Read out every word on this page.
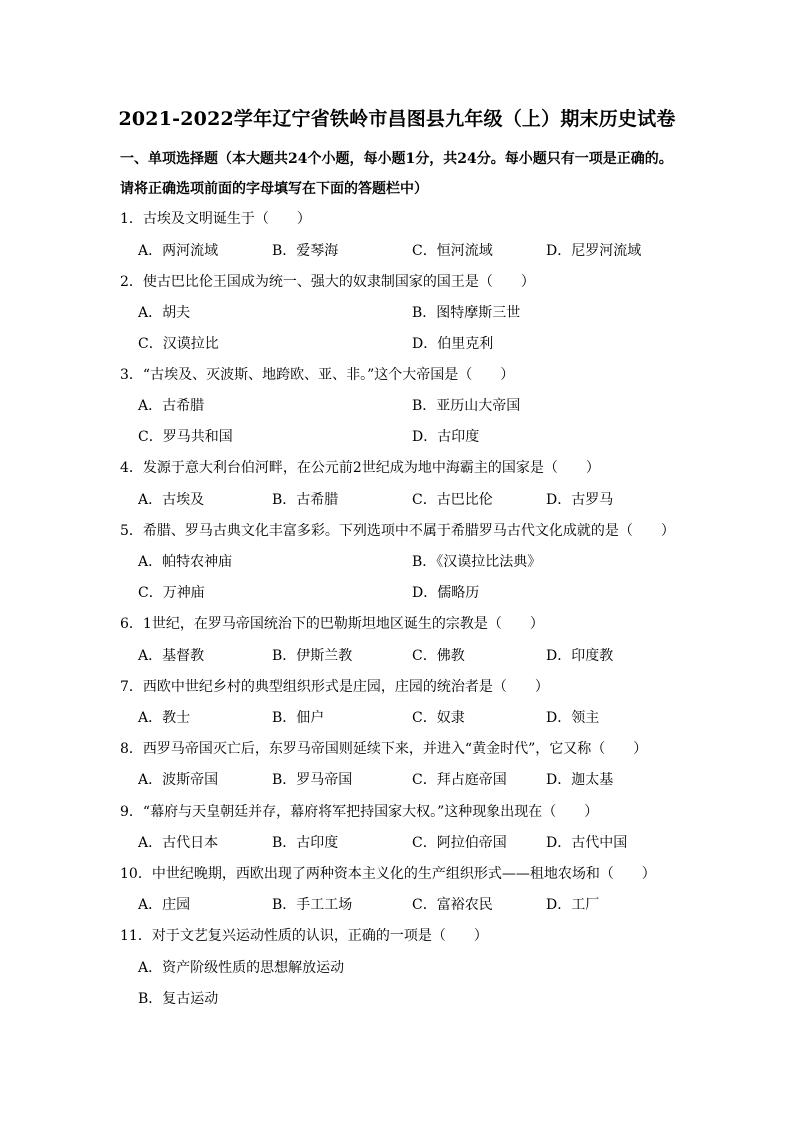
2021-2022学年辽宁省铁岭市昌图县九年级（上）期末历史试卷
一、单项选择题（本大题共24个小题，每小题1分，共24分。每小题只有一项是正确的。
请将正确选项前面的字母填写在下面的答题栏中）
1．古埃及文明诞生于（　　）
A．两河流域	B．爱琴海	C．恒河流域	D．尼罗河流域
2．使古巴比伦王国成为统一、强大的奴隶制国家的国王是（　　）
A．胡夫	B．图特摩斯三世
C．汉谟拉比	D．伯里克利
3．“古埃及、灭波斯、地跨欧、亚、非。”这个大帝国是（　　）
A．古希腊	B．亚历山大帝国
C．罗马共和国	D．古印度
4．发源于意大利台伯河畔，在公元前2世纪成为地中海霸主的国家是（　　）
A．古埃及	B．古希腊	C．古巴比伦	D．古罗马
5．希腊、罗马古典文化丰富多彩。下列选项中不属于希腊罗马古代文化成就的是（　　）
A．帕特农神庙	B．《汉谟拉比法典》
C．万神庙	D．儒略历
6．1世纪，在罗马帝国统治下的巴勒斯坦地区诞生的宗教是（　　）
A．基督教	B．伊斯兰教	C．佛教	D．印度教
7．西欧中世纪乡村的典型组织形式是庄园，庄园的统治者是（　　）
A．教士	B．佃户	C．奴隶	D．领主
8．西罗马帝国灭亡后，东罗马帝国则延续下来，并进入“黄金时代”，它又称（　　）
A．波斯帝国	B．罗马帝国	C．拜占庭帝国	D．迦太基
9．“幕府与天皇朝廷并存，幕府将军把持国家大权。”这种现象出现在（　　）
A．古代日本	B．古印度	C．阿拉伯帝国	D．古代中国
10．中世纪晚期，西欧出现了两种资本主义化的生产组织形式——租地农场和（　　）
A．庄园	B．手工工场	C．富裕农民	D．工厂
11．对于文艺复兴运动性质的认识，正确的一项是（　　）
A．资产阶级性质的思想解放运动
B．复古运动
